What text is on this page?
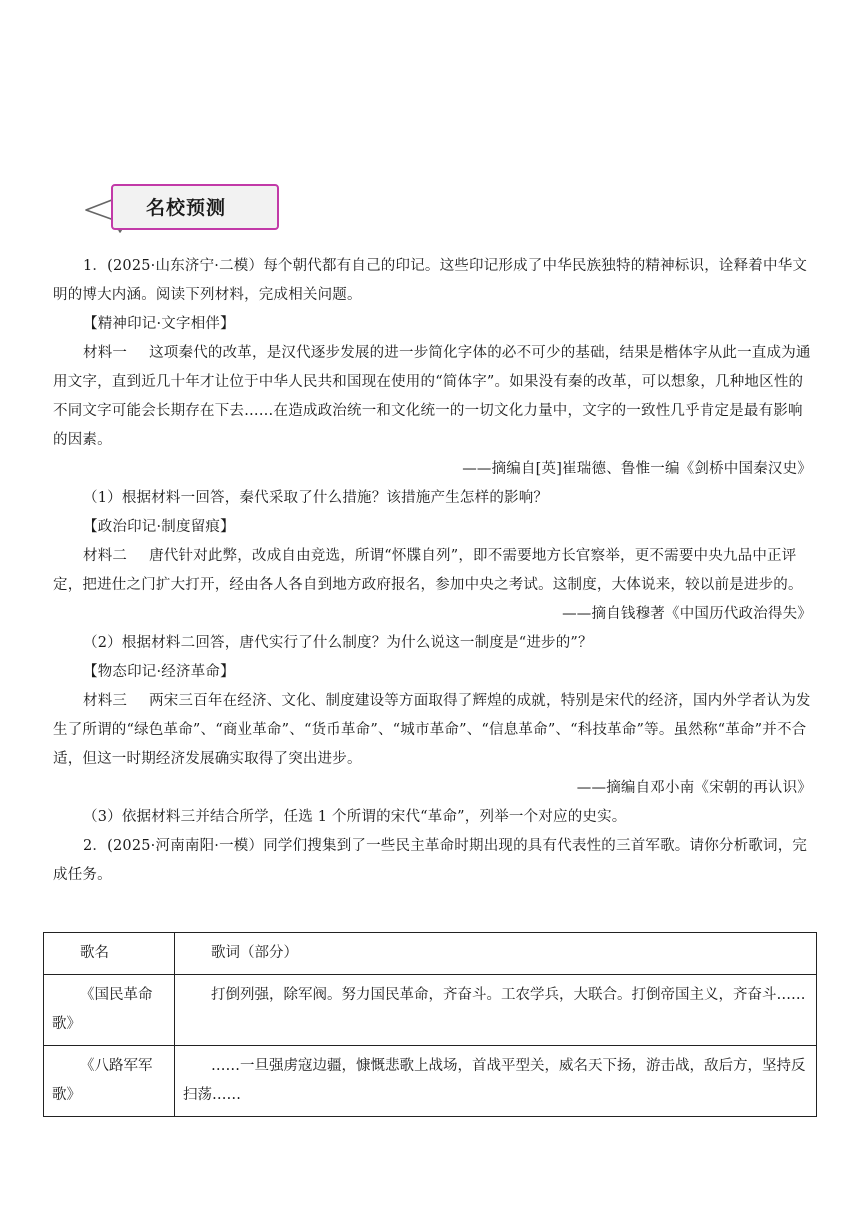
名校预测

1．(2025·山东济宁·二模）每个朝代都有自己的印记。这些印记形成了中华民族独特的精神标识，诠释着中华文明的博大内涵。阅读下列材料，完成相关问题。

【精神印记·文字相伴】

材料一 这项秦代的改革，是汉代逐步发展的进一步简化字体的必不可少的基础，结果是楷体字从此一直成为通用文字，直到近几十年才让位于中华人民共和国现在使用的“简体字”。如果没有秦的改革，可以想象，几种地区性的不同文字可能会长期存在下去……在造成政治统一和文化统一的一切文化力量中，文字的一致性几乎肯定是最有影响的因素。

——摘编自[英]崔瑞德、鲁惟一编《剑桥中国秦汉史》

（1）根据材料一回答，秦代采取了什么措施？该措施产生怎样的影响？

【政治印记·制度留痕】

材料二 唐代针对此弊，改成自由竞选，所谓“怀牒自列”，即不需要地方长官察举，更不需要中央九品中正评定，把进仕之门扩大打开，经由各人各自到地方政府报名，参加中央之考试。这制度，大体说来，较以前是进步的。

——摘自钱穆著《中国历代政治得失》

（2）根据材料二回答，唐代实行了什么制度？为什么说这一制度是“进步的”？

【物态印记·经济革命】

材料三 两宋三百年在经济、文化、制度建设等方面取得了辉煌的成就，特别是宋代的经济，国内外学者认为发生了所谓的“绿色革命”、“商业革命”、“货币革命”、“城市革命”、“信息革命”、“科技革命”等。虽然称“革命”并不合适，但这一时期经济发展确实取得了突出进步。

——摘编自邓小南《宋朝的再认识》

（3）依据材料三并结合所学，任选 1 个所谓的宋代“革命”，列举一个对应的史实。

2．(2025·河南南阳·一模）同学们搜集到了一些民主革命时期出现的具有代表性的三首军歌。请你分析歌词，完成任务。

歌名	歌词（部分）
《国民革命歌》	打倒列强，除军阀。努力国民革命，齐奋斗。工农学兵，大联合。打倒帝国主义，齐奋斗……
《八路军军歌》	……一旦强虏寇边疆，慷慨悲歌上战场，首战平型关，威名天下扬，游击战，敌后方，坚持反扫荡……
